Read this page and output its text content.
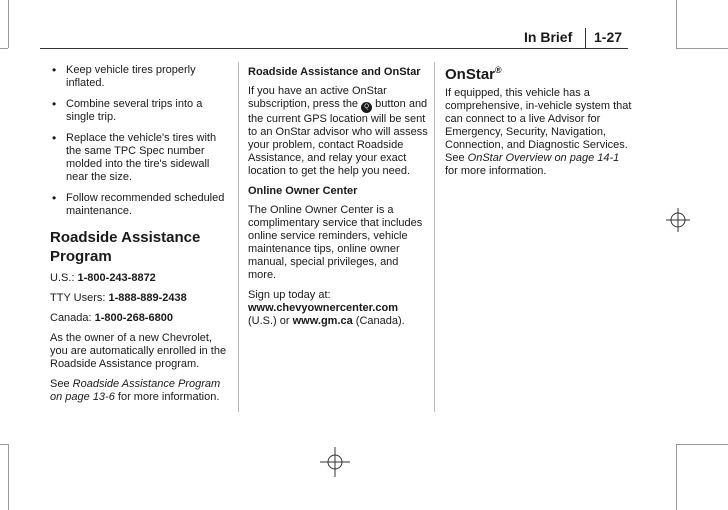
In Brief 1-27
• Keep vehicle tires properly inflated.
• Combine several trips into a single trip.
• Replace the vehicle's tires with the same TPC Spec number molded into the tire's sidewall near the size.
• Follow recommended scheduled maintenance.
Roadside Assistance Program

U.S.: 1-800-243-8872

TTY Users: 1-888-889-2438

Canada: 1-800-268-6800

As the owner of a new Chevrolet, you are automatically enrolled in the Roadside Assistance program.

See Roadside Assistance Program on page 13-6 for more information.

Roadside Assistance and OnStar

If you have an active OnStar subscription, press the Q button and the current GPS location will be sent to an OnStar advisor who will assess your problem, contact Roadside Assistance, and relay your exact location to get the help you need.

Online Owner Center

The Online Owner Center is a complimentary service that includes online service reminders, vehicle maintenance tips, online owner manual, special privileges, and more.

Sign up today at:
www.chevyownercenter.com
(U.S.) or www.gm.ca (Canada).

OnStar®

If equipped, this vehicle has a comprehensive, in-vehicle system that can connect to a live Advisor for Emergency, Security, Navigation, Connection, and Diagnostic Services. See OnStar Overview on page 14-1 for more information.
